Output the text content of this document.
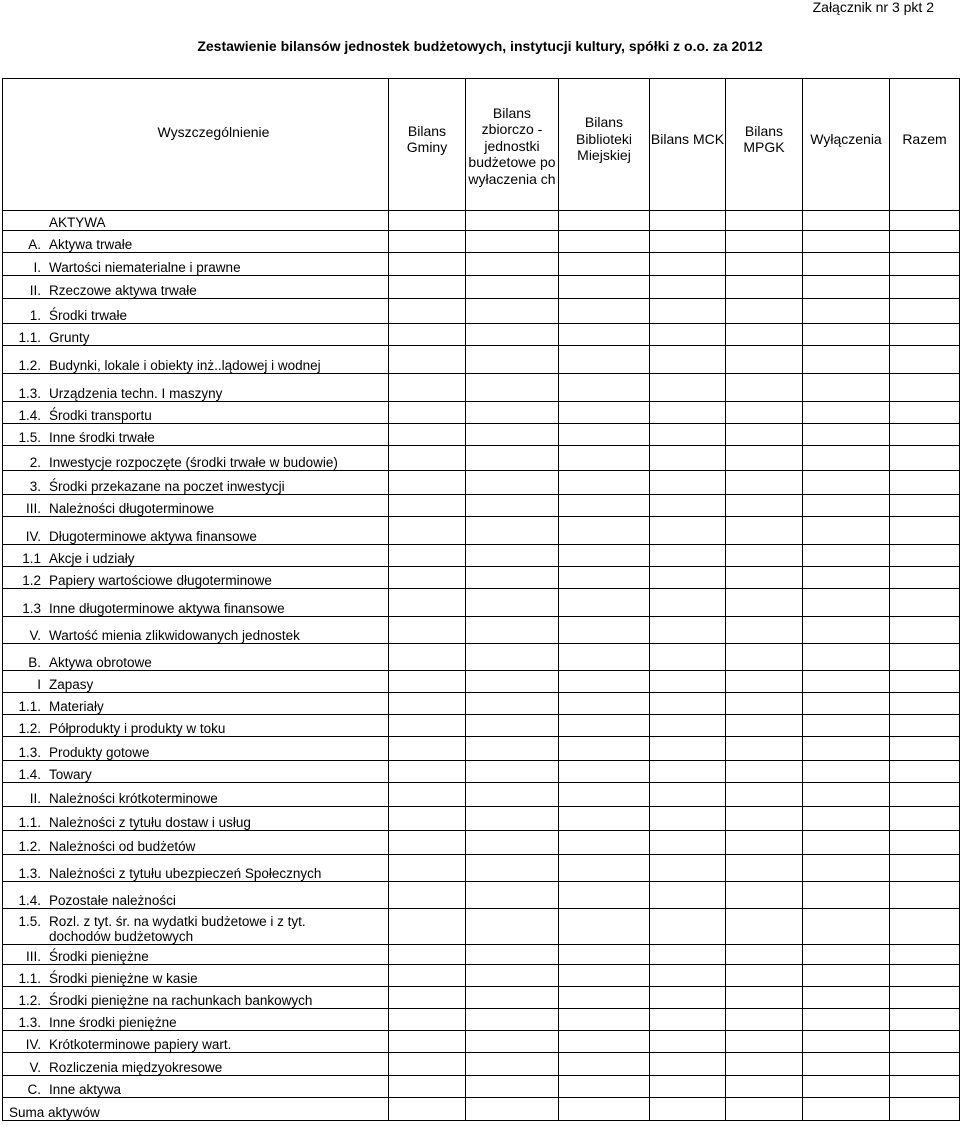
Załącznik nr 3 pkt 2
Zestawienie bilansów jednostek budżetowych, instytucji kultury, spółki z o.o. za 2012
Wyszczególnienie	Bilans Gminy	Bilans zbiorczo - jednostki budżetowe po wyłaczenia ch	Bilans Biblioteki Miejskiej	Bilans MCK	Bilans MPGK	Wyłączenia	Razem

AKTYWA							
A. Aktywa trwałe							
I. Wartości niematerialne i prawne							
II. Rzeczowe aktywa trwałe							
1. Środki trwałe							
1.1. Grunty							
1.2. Budynki, lokale i obiekty inż..lądowej i wodnej							
1.3. Urządzenia techn. I maszyny							
1.4. Środki transportu							
1.5. Inne środki trwałe							
2. Inwestycje rozpoczęte (środki trwałe w budowie)							
3. Środki przekazane na poczet inwestycji							
III. Należności długoterminowe							
IV. Długoterminowe aktywa finansowe							
1.1 Akcje i udziały							
1.2 Papiery wartościowe długoterminowe							
1.3 Inne długoterminowe aktywa finansowe							
V. Wartość mienia zlikwidowanych jednostek							
B. Aktywa obrotowe							
I Zapasy							
1.1. Materiały							
1.2. Półprodukty i produkty w toku							
1.3. Produkty gotowe							
1.4. Towary							
II. Należności krótkoterminowe							
1.1. Należności z tytułu dostaw i usług							
1.2. Należności od budżetów							
1.3. Należności z tytułu ubezpieczeń Społecznych							
1.4. Pozostałe należności							
1.5. Rozl. z tyt. śr. na wydatki budżetowe i z tyt. dochodów budżetowych							
III. Środki pieniężne							
1.1. Środki pieniężne w kasie							
1.2. Środki pieniężne na rachunkach bankowych							
1.3. Inne środki pieniężne							
IV. Krótkoterminowe papiery wart.							
V. Rozliczenia międzyokresowe							
C. Inne aktywa							
Suma aktywów							
